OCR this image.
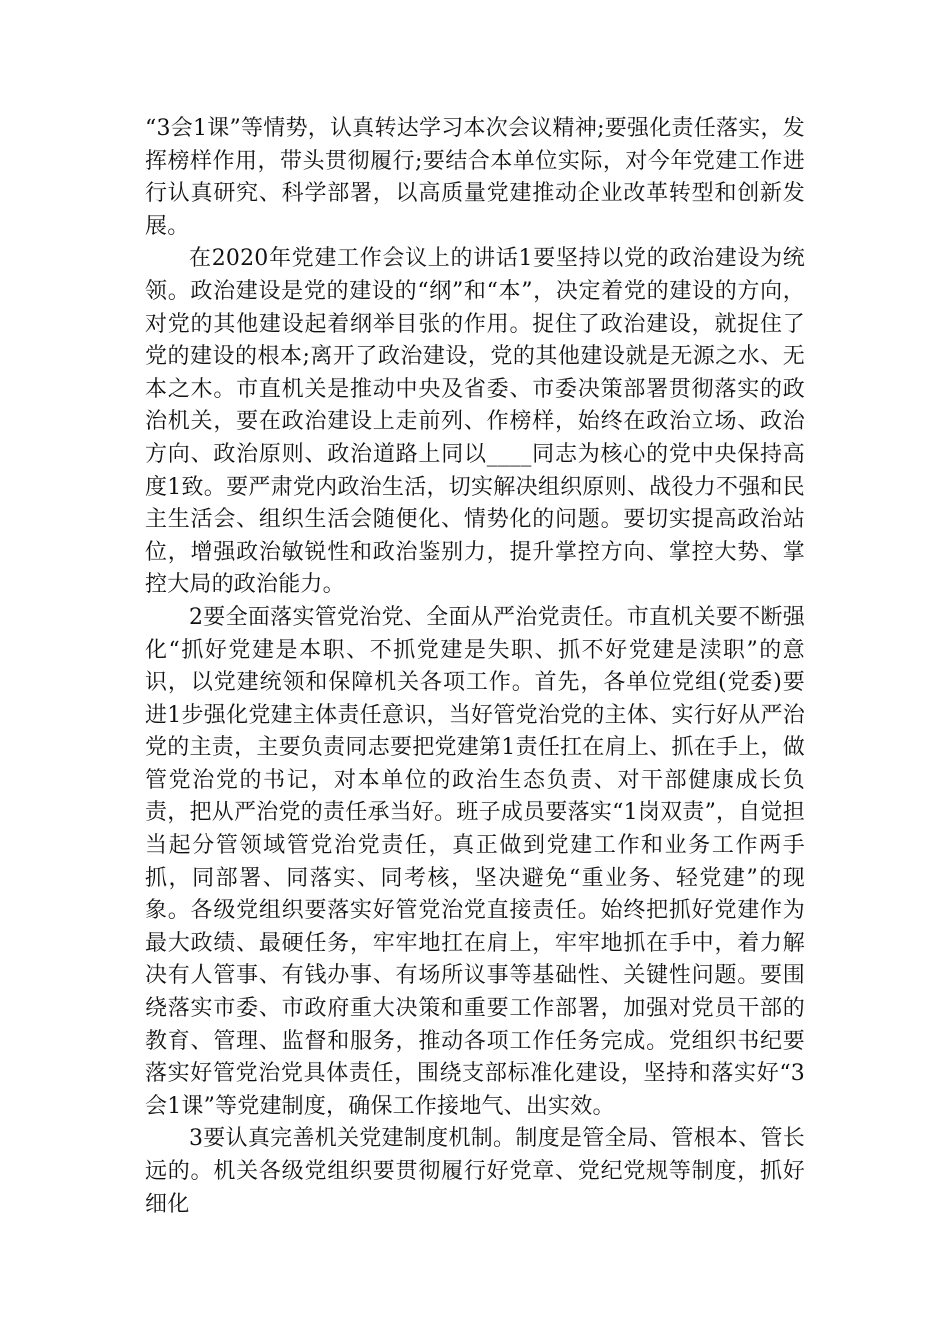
“3会1课”等情势，认真转达学习本次会议精神;要强化责任落实，发挥榜样作用，带头贯彻履行;要结合本单位实际，对今年党建工作进行认真研究、科学部署，以高质量党建推动企业改革转型和创新发展。

在2020年党建工作会议上的讲话1要坚持以党的政治建设为统领。政治建设是党的建设的“纲”和“本”，决定着党的建设的方向，对党的其他建设起着纲举目张的作用。捉住了政治建设，就捉住了党的建设的根本;离开了政治建设，党的其他建设就是无源之水、无本之木。市直机关是推动中央及省委、市委决策部署贯彻落实的政治机关，要在政治建设上走前列、作榜样，始终在政治立场、政治方向、政治原则、政治道路上同以____同志为核心的党中央保持高度1致。要严肃党内政治生活，切实解决组织原则、战役力不强和民主生活会、组织生活会随便化、情势化的问题。要切实提高政治站位，增强政治敏锐性和政治鉴别力，提升掌控方向、掌控大势、掌控大局的政治能力。

2要全面落实管党治党、全面从严治党责任。市直机关要不断强化“抓好党建是本职、不抓党建是失职、抓不好党建是渎职”的意识，以党建统领和保障机关各项工作。首先，各单位党组(党委)要进1步强化党建主体责任意识，当好管党治党的主体、实行好从严治党的主责，主要负责同志要把党建第1责任扛在肩上、抓在手上，做管党治党的书记，对本单位的政治生态负责、对干部健康成长负责，把从严治党的责任承当好。班子成员要落实“1岗双责”，自觉担当起分管领域管党治党责任，真正做到党建工作和业务工作两手抓，同部署、同落实、同考核，坚决避免“重业务、轻党建”的现象。各级党组织要落实好管党治党直接责任。始终把抓好党建作为最大政绩、最硬任务，牢牢地扛在肩上，牢牢地抓在手中，着力解决有人管事、有钱办事、有场所议事等基础性、关键性问题。要围绕落实市委、市政府重大决策和重要工作部署，加强对党员干部的教育、管理、监督和服务，推动各项工作任务完成。党组织书纪要落实好管党治党具体责任，围绕支部标准化建设，坚持和落实好“3会1课”等党建制度，确保工作接地气、出实效。

3要认真完善机关党建制度机制。制度是管全局、管根本、管长远的。机关各级党组织要贯彻履行好党章、党纪党规等制度，抓好细化
